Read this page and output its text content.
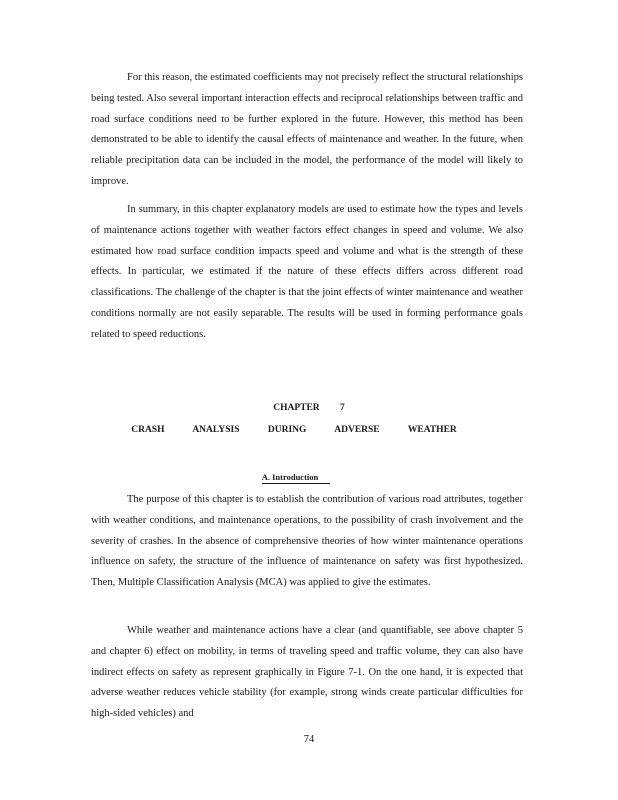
For this reason, the estimated coefficients may not precisely reflect the structural relationships being tested. Also several important interaction effects and reciprocal relationships between traffic and road surface conditions need to be further explored in the future. However, this method has been demonstrated to be able to identify the causal effects of maintenance and weather. In the future, when reliable precipitation data can be included in the model, the performance of the model will likely to improve.

In summary, in this chapter explanatory models are used to estimate how the types and levels of maintenance actions together with weather factors effect changes in speed and volume. We also estimated how road surface condition impacts speed and volume and what is the strength of these effects. In particular, we estimated if the nature of these effects differs across different road classifications. The challenge of the chapter is that the joint effects of winter maintenance and weather conditions normally are not easily separable. The results will be used in forming performance goals related to speed reductions.

CHAPTER 7
CRASH ANALYSIS DURING ADVERSE WEATHER
A. Introduction

The purpose of this chapter is to establish the contribution of various road attributes, together with weather conditions, and maintenance operations, to the possibility of crash involvement and the severity of crashes. In the absence of comprehensive theories of how winter maintenance operations influence on safety, the structure of the influence of maintenance on safety was first hypothesized. Then, Multiple Classification Analysis (MCA) was applied to give the estimates.

While weather and maintenance actions have a clear (and quantifiable, see above chapter 5 and chapter 6) effect on mobility, in terms of traveling speed and traffic volume, they can also have indirect effects on safety as represent graphically in Figure 7-1. On the one hand, it is expected that adverse weather reduces vehicle stability (for example, strong winds create particular difficulties for high-sided vehicles) and

74
